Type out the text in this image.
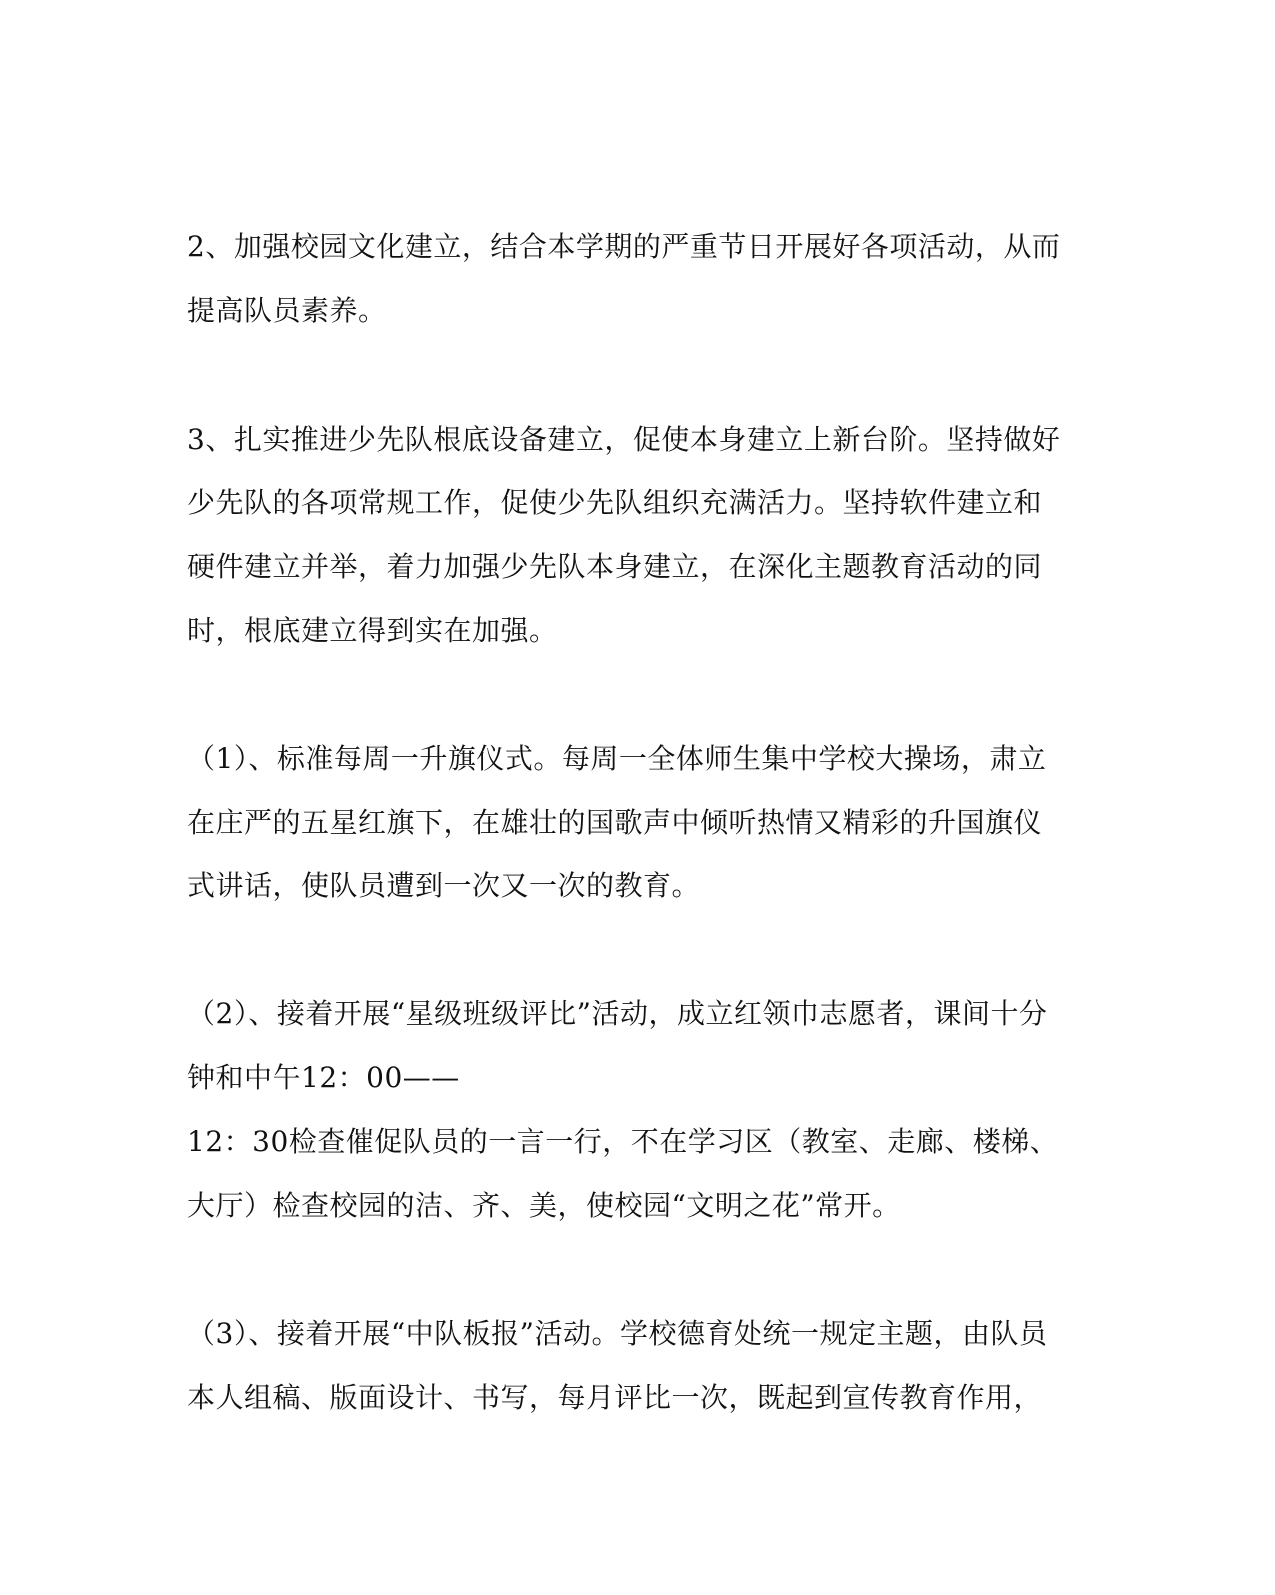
2、加强校园文化建立，结合本学期的严重节日开展好各项活动，从而
提高队员素养。
3、扎实推进少先队根底设备建立，促使本身建立上新台阶。坚持做好
少先队的各项常规工作，促使少先队组织充满活力。坚持软件建立和
硬件建立并举，着力加强少先队本身建立，在深化主题教育活动的同
时，根底建立得到实在加强。
（1）、标准每周一升旗仪式。每周一全体师生集中学校大操场，肃立
在庄严的五星红旗下，在雄壮的国歌声中倾听热情又精彩的升国旗仪
式讲话，使队员遭到一次又一次的教育。
（2）、接着开展“星级班级评比”活动，成立红领巾志愿者，课间十分
钟和中午12：00——
12：30检查催促队员的一言一行，不在学习区（教室、走廊、楼梯、
大厅）检查校园的洁、齐、美，使校园“文明之花”常开。
（3）、接着开展“中队板报”活动。学校德育处统一规定主题，由队员
本人组稿、版面设计、书写，每月评比一次，既起到宣传教育作用，
